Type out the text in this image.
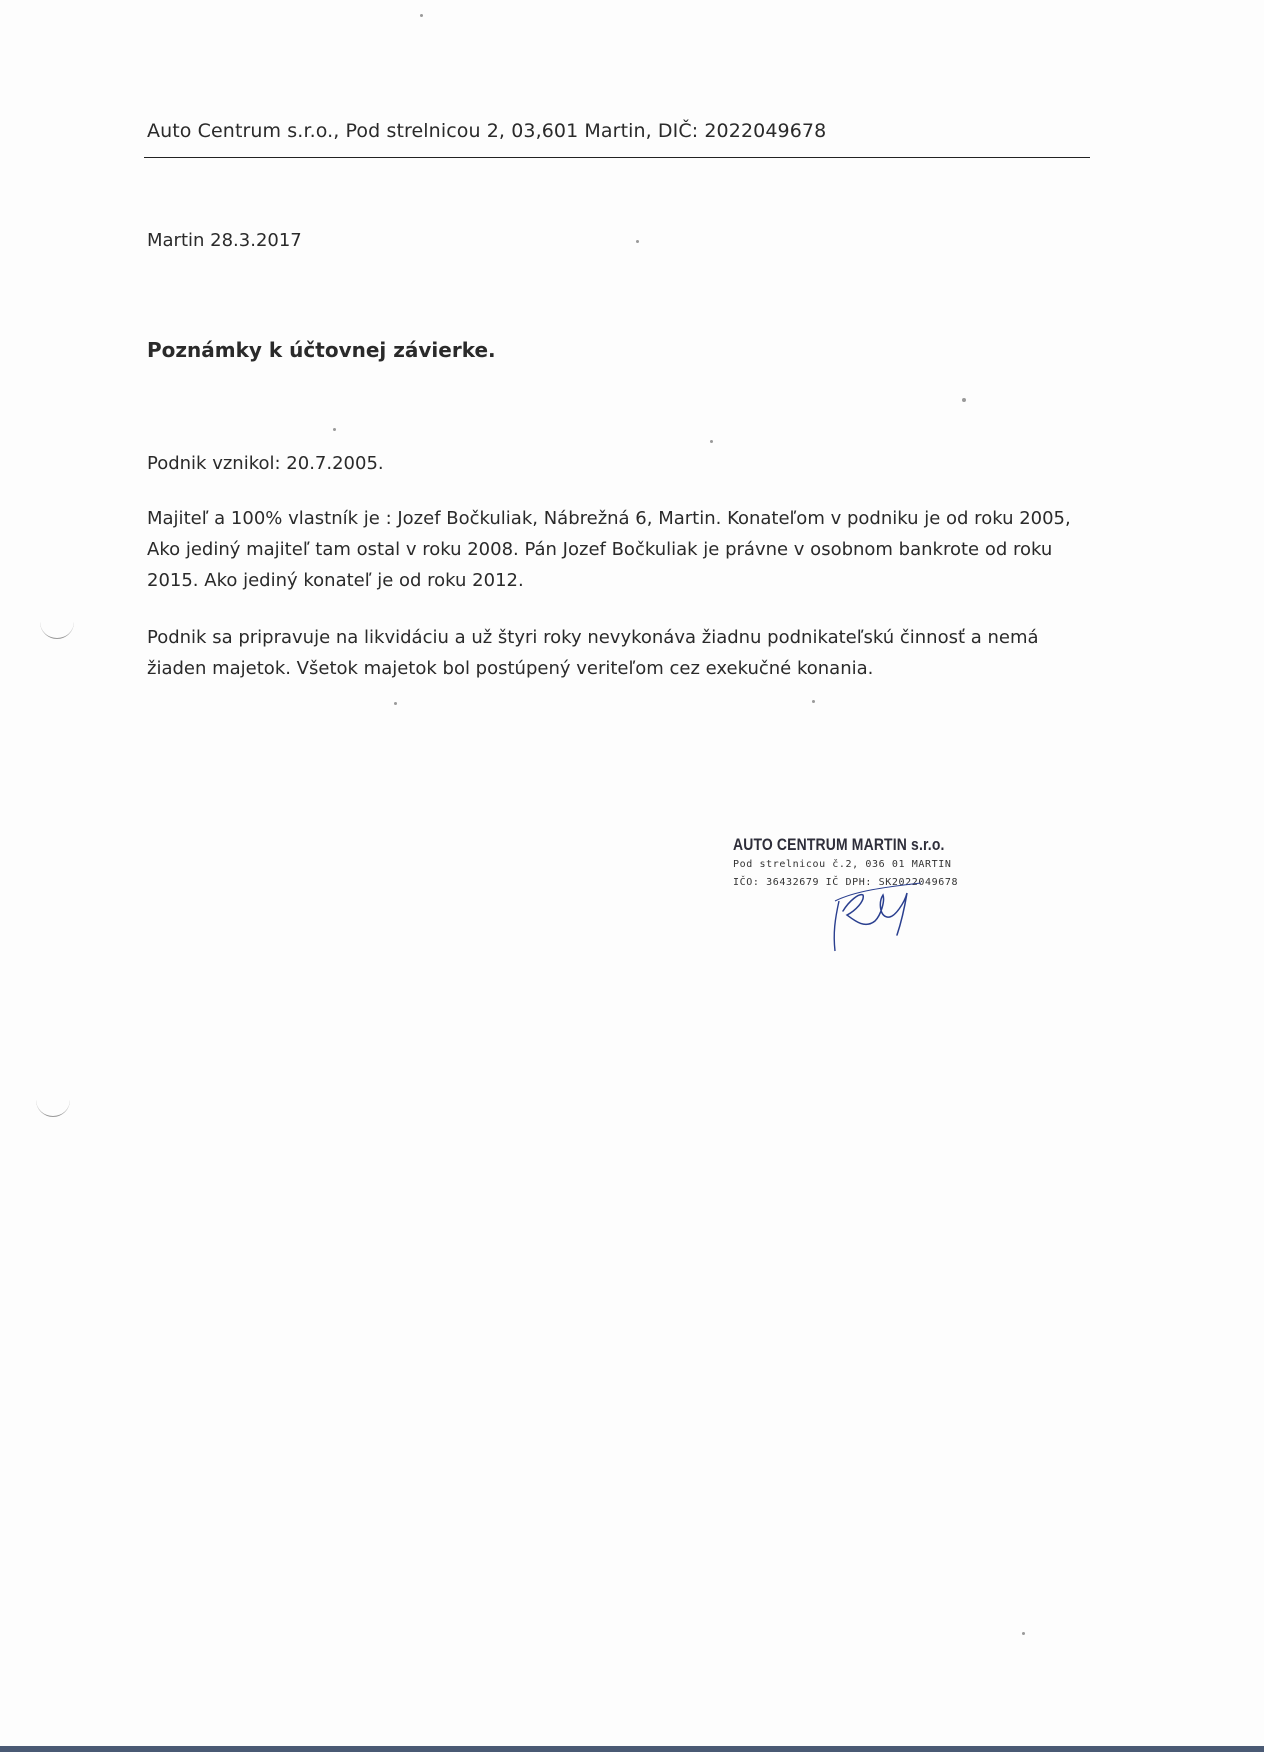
Auto Centrum s.r.o., Pod strelnicou 2, 03,601 Martin, DIČ: 2022049678
Martin 28.3.2017
Poznámky k účtovnej závierke.
Podnik vznikol: 20.7.2005.
Majiteľ a 100% vlastník je : Jozef Bočkuliak, Nábrežná 6, Martin. Konateľom v podniku je od roku 2005, Ako jediný majiteľ tam ostal v roku 2008. Pán Jozef Bočkuliak je právne v osobnom bankrote od roku 2015. Ako jediný konateľ je od roku 2012.
Podnik sa pripravuje na likvidáciu a už štyri roky nevykonáva žiadnu podnikateľskú činnosť a nemá žiaden majetok. Všetok majetok bol postúpený veriteľom cez exekučné konania.
AUTO CENTRUM MARTIN s.r.o.
Pod strelnicou č.2, 036 01 MARTIN
IČO: 36432679 IČ DPH: SK2022049678
